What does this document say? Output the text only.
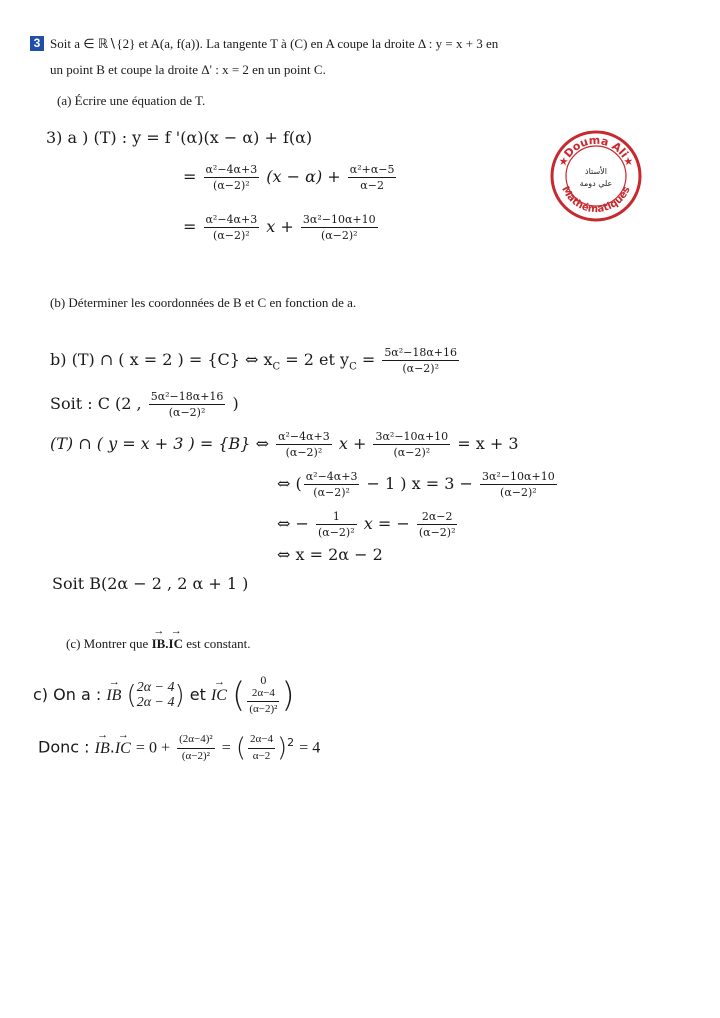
3 Soit a ∈ ℝ∖{2} et A(a, f(a)). La tangente T à (C) en A coupe la droite Δ : y = x + 3 en
un point B et coupe la droite Δ' : x = 2 en un point C.
(a) Écrire une équation de T.
3) a ) (T) : y = f '(α)(x − α) + f(α)
= $\frac{\text{α²−4α+3}}{\text{(α−2)²}} (x - \alpha) + \frac{\text{α²+α−5}}{\alpha-2}$
= $\frac{\text{α²−4α+3}}{\text{(α−2)²}}$ $x + \frac{\text{3α²−10α+10}}{\text{(α−2)²}}$
★Douma Ali★
Mathématiques
الأستاذ
علي دومة
(b) Déterminer les coordonnées de B et C en fonction de a.
b) (T) ∩ ( x = 2 ) = {C} ⇔ $x_C = 2$ et $y_C = \frac{\text{5α²−18α+16}}{\text{(α−2)²}}$
Soit : C (2 , $\frac{\text{5α²−18α+16}}{\text{(α−2)²}}$ )
(T) ∩ ( y = x + 3 ) = {B} ⇔ $\frac{\text{α²−4α+3}}{\text{(α−2)²}}$ $x + \frac{\text{3α²−10α+10}}{\text{(α−2)²}} = x + 3$
⇔ ( $\frac{\text{α²−4α+3}}{\text{(α−2)²}} - 1$ ) $x = 3 - \frac{\text{3α²−10α+10}}{\text{(α−2)²}}$
⇔ − $\frac{1}{\text{(α−2)²}}$ x = − $\frac{2\alpha-2}{\text{(α−2)²}}$
⇔ x = 2α − 2
Soit B(2α − 2 , 2 α + 1 )
(c) Montrer que → IB.→ IC est constant.
c) On a : → IB ( 2α − 4
2α − 4 ) et → IC (	0
$\frac{2\alpha-4}{\text{(α−2)²}}$ )
Donc : → IB.→ IC = $0 + \frac{\text{(2α−4)²}}{\text{(α−2)²}}$ = ( $\frac{2\alpha-4}{\alpha-2} )^2 = 4$
